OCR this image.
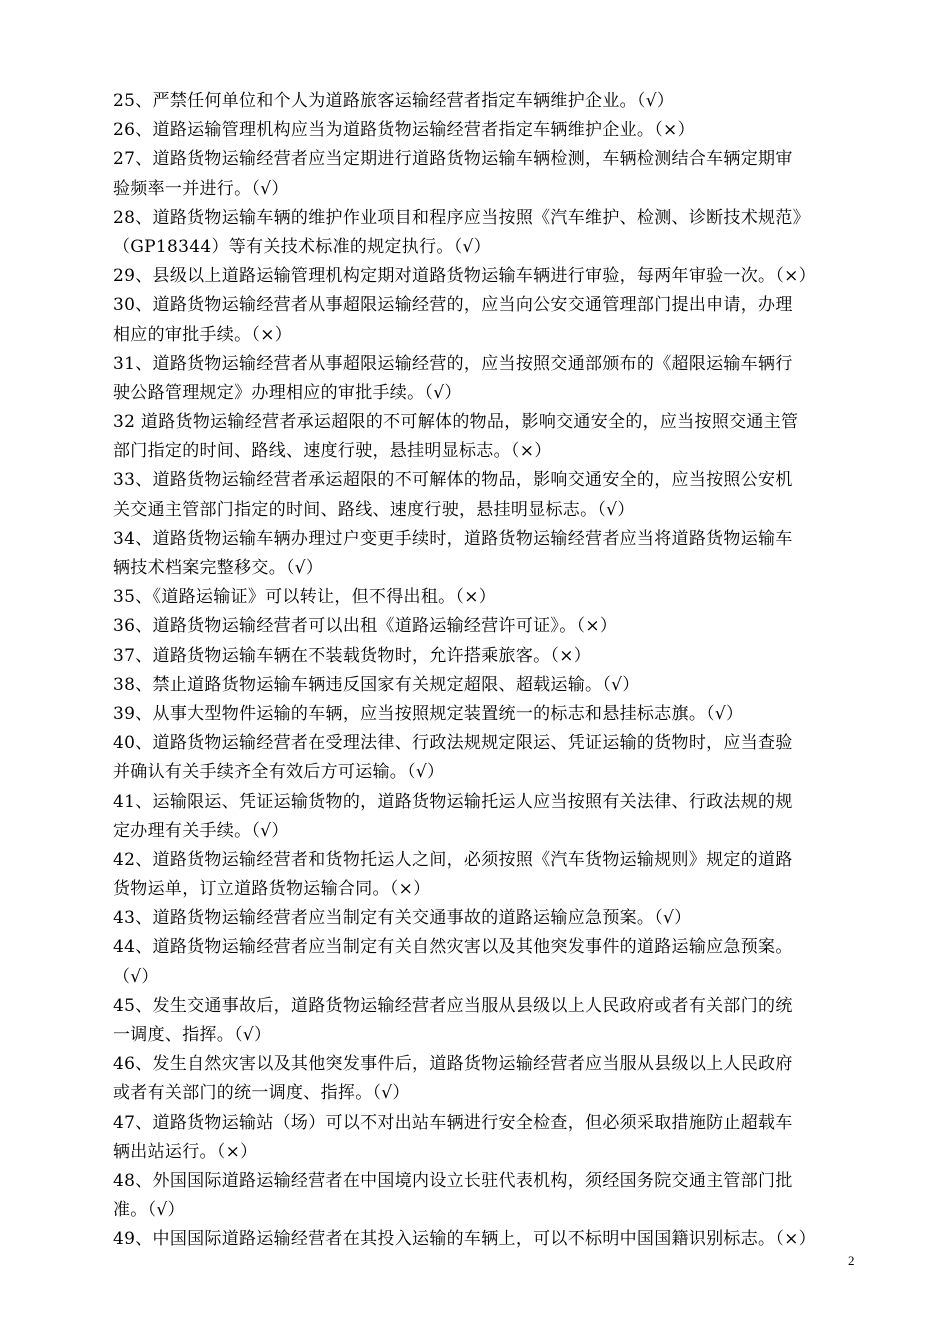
25、严禁任何单位和个人为道路旅客运输经营者指定车辆维护企业。（√）
26、道路运输管理机构应当为道路货物运输经营者指定车辆维护企业。（×）
27、道路货物运输经营者应当定期进行道路货物运输车辆检测，车辆检测结合车辆定期审
验频率一并进行。（√）
28、道路货物运输车辆的维护作业项目和程序应当按照《汽车维护、检测、诊断技术规范》
（GP18344）等有关技术标准的规定执行。（√）
29、县级以上道路运输管理机构定期对道路货物运输车辆进行审验，每两年审验一次。（×）
30、道路货物运输经营者从事超限运输经营的，应当向公安交通管理部门提出申请，办理
相应的审批手续。（×）
31、道路货物运输经营者从事超限运输经营的，应当按照交通部颁布的《超限运输车辆行
驶公路管理规定》办理相应的审批手续。（√）
32 道路货物运输经营者承运超限的不可解体的物品，影响交通安全的，应当按照交通主管
部门指定的时间、路线、速度行驶，悬挂明显标志。（×）
33、道路货物运输经营者承运超限的不可解体的物品，影响交通安全的，应当按照公安机
关交通主管部门指定的时间、路线、速度行驶，悬挂明显标志。（√）
34、道路货物运输车辆办理过户变更手续时，道路货物运输经营者应当将道路货物运输车
辆技术档案完整移交。（√）
35、《道路运输证》可以转让，但不得出租。（×）
36、道路货物运输经营者可以出租《道路运输经营许可证》。（×）
37、道路货物运输车辆在不装载货物时，允许搭乘旅客。（×）
38、禁止道路货物运输车辆违反国家有关规定超限、超载运输。（√）
39、从事大型物件运输的车辆，应当按照规定装置统一的标志和悬挂标志旗。（√）
40、道路货物运输经营者在受理法律、行政法规规定限运、凭证运输的货物时，应当查验
并确认有关手续齐全有效后方可运输。（√）
41、运输限运、凭证运输货物的，道路货物运输托运人应当按照有关法律、行政法规的规
定办理有关手续。（√）
42、道路货物运输经营者和货物托运人之间，必须按照《汽车货物运输规则》规定的道路
货物运单，订立道路货物运输合同。（×）
43、道路货物运输经营者应当制定有关交通事故的道路运输应急预案。（√）
44、道路货物运输经营者应当制定有关自然灾害以及其他突发事件的道路运输应急预案。
（√）
45、发生交通事故后，道路货物运输经营者应当服从县级以上人民政府或者有关部门的统
一调度、指挥。（√）
46、发生自然灾害以及其他突发事件后，道路货物运输经营者应当服从县级以上人民政府
或者有关部门的统一调度、指挥。（√）
47、道路货物运输站（场）可以不对出站车辆进行安全检查，但必须采取措施防止超载车
辆出站运行。（×）
48、外国国际道路运输经营者在中国境内设立长驻代表机构，须经国务院交通主管部门批
准。（√）
49、中国国际道路运输经营者在其投入运输的车辆上，可以不标明中国国籍识别标志。（×）
2
